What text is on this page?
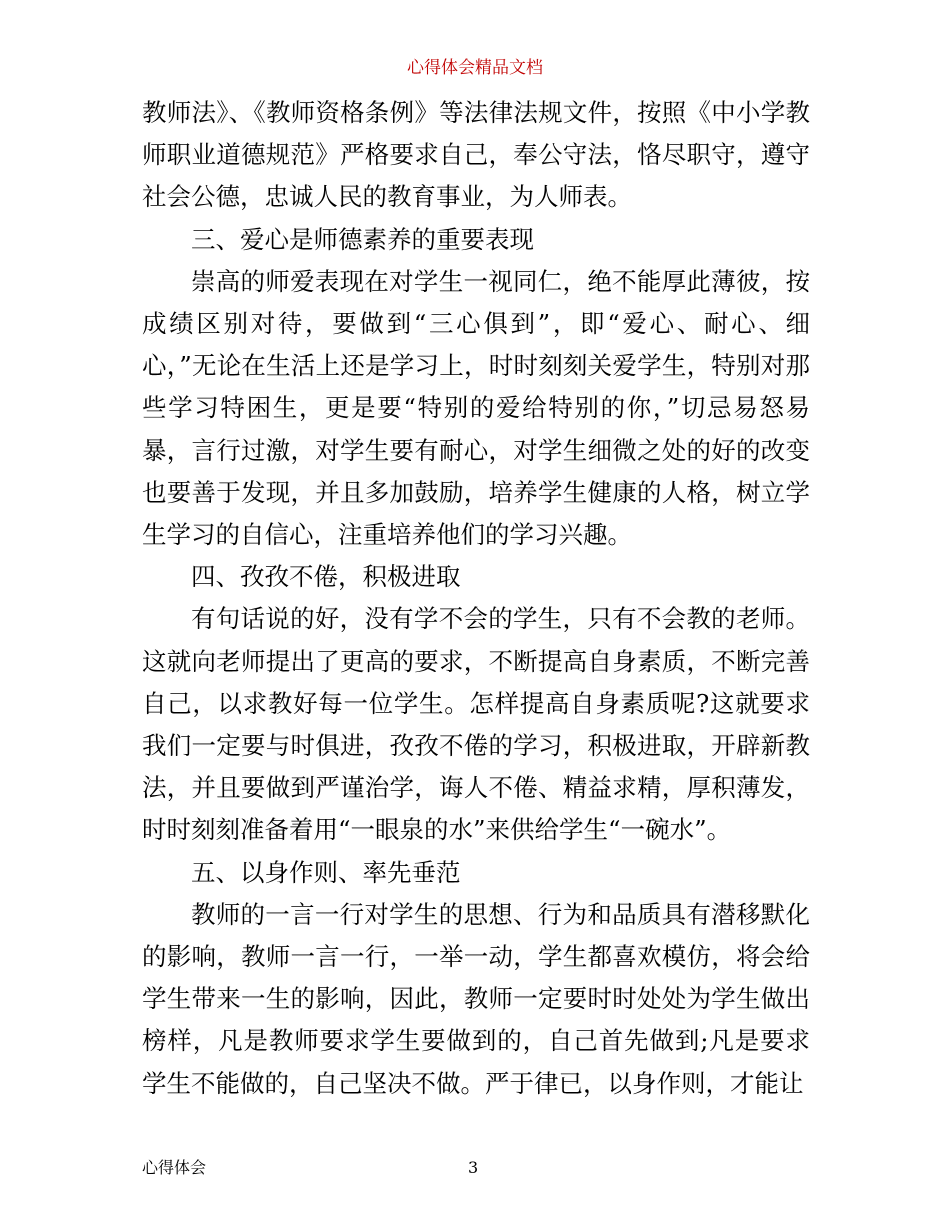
心得体会精品文档

教师法》、《教师资格条例》等法律法规文件，按照《中小学教师职业道德规范》严格要求自己，奉公守法，恪尽职守，遵守社会公德，忠诚人民的教育事业，为人师表。

三、爱心是师德素养的重要表现

崇高的师爱表现在对学生一视同仁，绝不能厚此薄彼，按成绩区别对待，要做到“三心俱到”，即“爱心、耐心、细心，”无论在生活上还是学习上，时时刻刻关爱学生，特别对那些学习特困生，更是要“特别的爱给特别的你，”切忌易怒易暴，言行过激，对学生要有耐心，对学生细微之处的好的改变也要善于发现，并且多加鼓励，培养学生健康的人格，树立学生学习的自信心，注重培养他们的学习兴趣。

四、孜孜不倦，积极进取

有句话说的好，没有学不会的学生，只有不会教的老师。这就向老师提出了更高的要求，不断提高自身素质，不断完善自己，以求教好每一位学生。怎样提高自身素质呢?这就要求我们一定要与时俱进，孜孜不倦的学习，积极进取，开辟新教法，并且要做到严谨治学，诲人不倦、精益求精，厚积薄发，时时刻刻准备着用“一眼泉的水”来供给学生“一碗水”。

五、以身作则、率先垂范

教师的一言一行对学生的思想、行为和品质具有潜移默化的影响，教师一言一行，一举一动，学生都喜欢模仿，将会给学生带来一生的影响，因此，教师一定要时时处处为学生做出榜样，凡是教师要求学生要做到的，自己首先做到;凡是要求学生不能做的，自己坚决不做。严于律已，以身作则，才能让

心得体会	3
